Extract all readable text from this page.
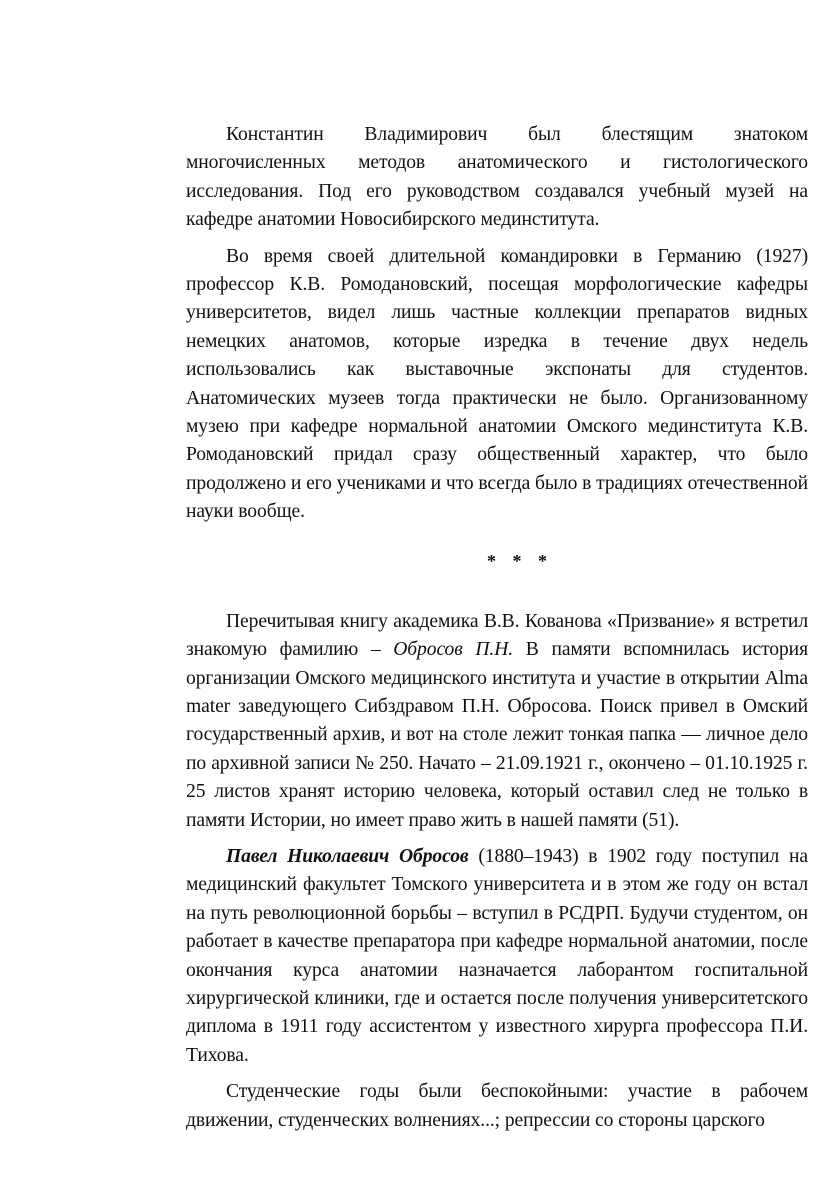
Константин Владимирович был блестящим знатоком многочисленных методов анатомического и гистологического исследования. Под его руководством создавался учебный музей на кафедре анатомии Новосибирского мединститута.

Во время своей длительной командировки в Германию (1927) профессор К.В. Ромодановский, посещая морфологические кафедры университетов, видел лишь частные коллекции препаратов видных немецких анатомов, которые изредка в течение двух недель использовались как выставочные экспонаты для студентов. Анатомических музеев тогда практически не было. Организованному музею при кафедре нормальной анатомии Омского мединститута К.В. Ромодановский придал сразу общественный характер, что было продолжено и его учениками и что всегда было в традициях отечественной науки вообще.

* * *

Перечитывая книгу академика В.В. Кованова «Призвание» я встретил знакомую фамилию – Обросов П.Н. В памяти вспомнилась история организации Омского медицинского института и участие в открытии Alma mater заведующего Сибздравом П.Н. Обросова. Поиск привел в Омский государственный архив, и вот на столе лежит тонкая папка — личное дело по архивной записи № 250. Начато – 21.09.1921 г., окончено – 01.10.1925 г. 25 листов хранят историю человека, который оставил след не только в памяти Истории, но имеет право жить в нашей памяти (51).

Павел Николаевич Обросов (1880–1943) в 1902 году поступил на медицинский факультет Томского университета и в этом же году он встал на путь революционной борьбы – вступил в РСДРП. Будучи студентом, он работает в качестве препаратора при кафедре нормальной анатомии, после окончания курса анатомии назначается лаборантом госпитальной хирургической клиники, где и остается после получения университетского диплома в 1911 году ассистентом у известного хирурга профессора П.И. Тихова.

Студенческие годы были беспокойными: участие в рабочем движении, студенческих волнениях...; репрессии со стороны царского
